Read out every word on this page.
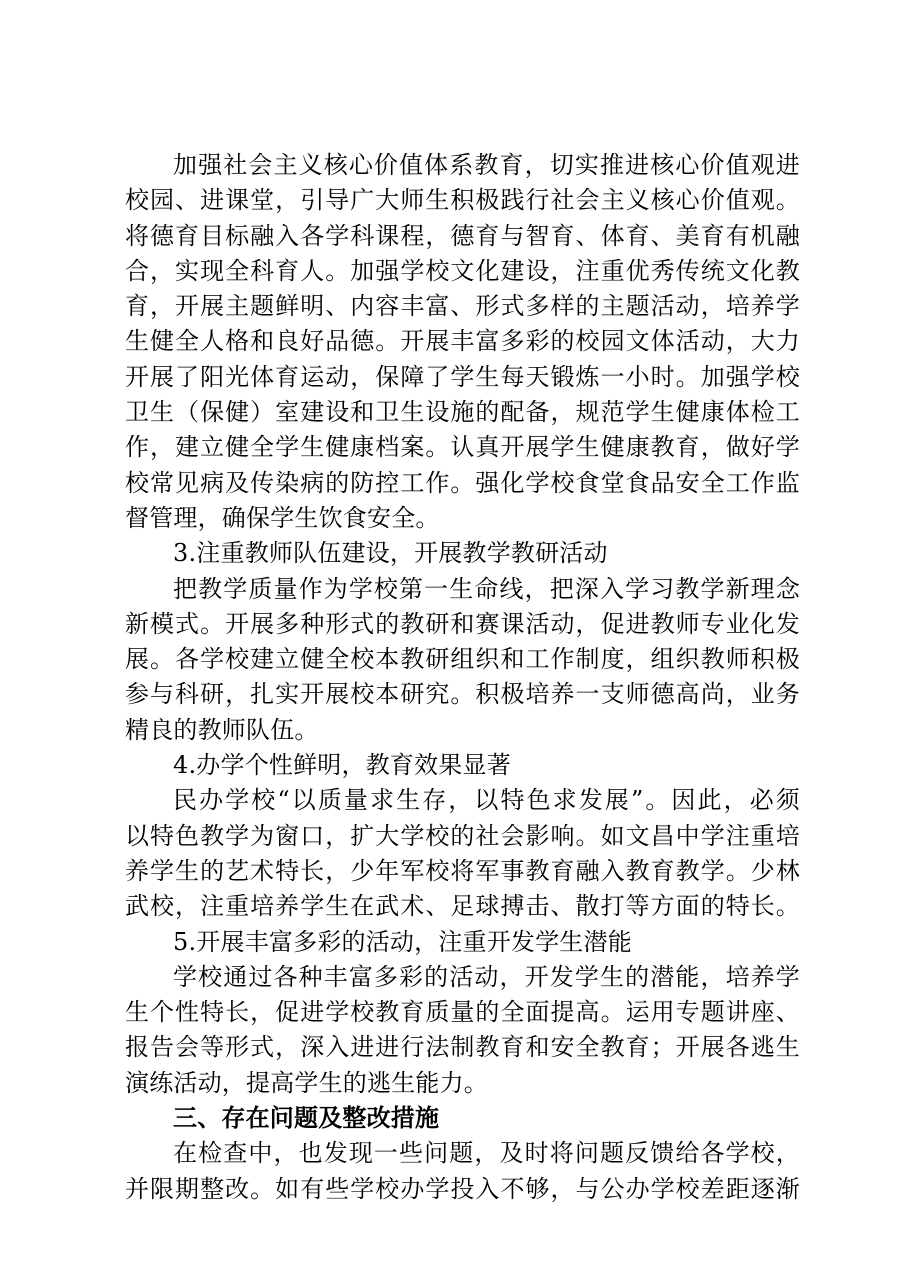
加强社会主义核心价值体系教育，切实推进核心价值观进
校园、进课堂，引导广大师生积极践行社会主义核心价值观。
将德育目标融入各学科课程，德育与智育、体育、美育有机融
合，实现全科育人。加强学校文化建设，注重优秀传统文化教
育，开展主题鲜明、内容丰富、形式多样的主题活动，培养学
生健全人格和良好品德。开展丰富多彩的校园文体活动，大力
开展了阳光体育运动，保障了学生每天锻炼一小时。加强学校
卫生（保健）室建设和卫生设施的配备，规范学生健康体检工
作，建立健全学生健康档案。认真开展学生健康教育，做好学
校常见病及传染病的防控工作。强化学校食堂食品安全工作监
督管理，确保学生饮食安全。
3.注重教师队伍建设，开展教学教研活动
把教学质量作为学校第一生命线，把深入学习教学新理念
新模式。开展多种形式的教研和赛课活动，促进教师专业化发
展。各学校建立健全校本教研组织和工作制度，组织教师积极
参与科研，扎实开展校本研究。积极培养一支师德高尚，业务
精良的教师队伍。
4.办学个性鲜明，教育效果显著
民办学校“以质量求生存，以特色求发展”。因此，必须
以特色教学为窗口，扩大学校的社会影响。如文昌中学注重培
养学生的艺术特长，少年军校将军事教育融入教育教学。少林
武校，注重培养学生在武术、足球搏击、散打等方面的特长。
5.开展丰富多彩的活动，注重开发学生潜能
学校通过各种丰富多彩的活动，开发学生的潜能，培养学
生个性特长，促进学校教育质量的全面提高。运用专题讲座、
报告会等形式，深入进进行法制教育和安全教育；开展各逃生
演练活动，提高学生的逃生能力。
三、存在问题及整改措施
在检查中，也发现一些问题，及时将问题反馈给各学校，
并限期整改。如有些学校办学投入不够，与公办学校差距逐渐
